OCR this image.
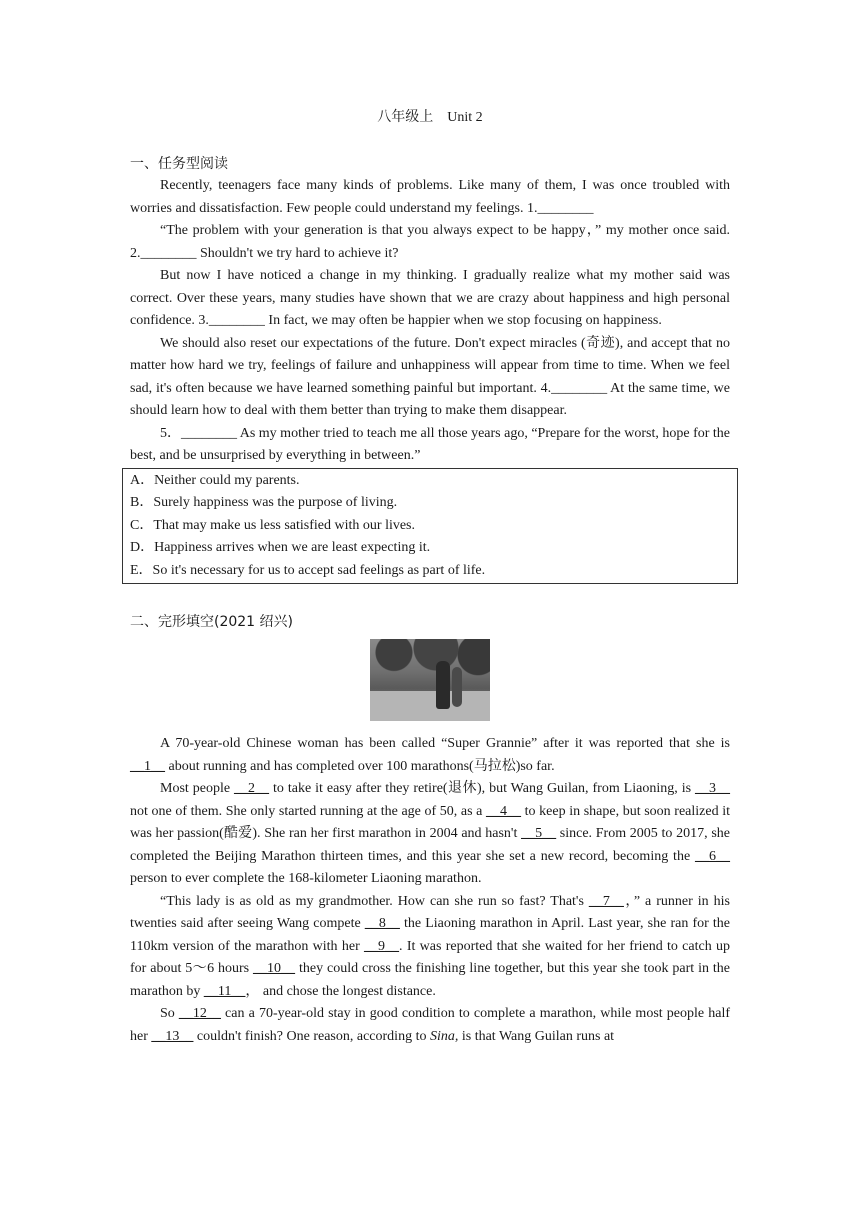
八年级上 Unit 2
一、任务型阅读

Recently, teenagers face many kinds of problems. Like many of them, I was once troubled with worries and dissatisfaction. Few people could understand my feelings. 1.________

“The problem with your generation is that you always expect to be happy，” my mother once said. 2.________ Shouldn't we try hard to achieve it?

But now I have noticed a change in my thinking. I gradually realize what my mother said was correct. Over these years, many studies have shown that we are crazy about happiness and high personal confidence. 3.________ In fact, we may often be happier when we stop focusing on happiness.

We should also reset our expectations of the future. Don't expect miracles (奇迹), and accept that no matter how hard we try, feelings of failure and unhappiness will appear from time to time. When we feel sad, it's often because we have learned something painful but important. 4.________ At the same time, we should learn how to deal with them better than trying to make them disappear.

5．________ As my mother tried to teach me all those years ago, “Prepare for the worst, hope for the best, and be unsurprised by everything in between.”

A．Neither could my parents.
B．Surely happiness was the purpose of living.
C．That may make us less satisfied with our lives.
D．Happiness arrives when we are least expecting it.
E．So it's necessary for us to accept sad feelings as part of life.
二、完形填空(2021 绍兴)

A 70-year-old Chinese woman has been called “Super Grannie” after it was reported that she is __1__ about running and has completed over 100 marathons(马拉松)so far.

Most people __2__ to take it easy after they retire(退休), but Wang Guilan, from Liaoning, is __3__ not one of them. She only started running at the age of 50, as a __4__ to keep in shape, but soon realized it was her passion(酷爱). She ran her first marathon in 2004 and hasn't __5__ since. From 2005 to 2017, she completed the Beijing Marathon thirteen times, and this year she set a new record, becoming the __6__ person to ever complete the 168-kilometer Liaoning marathon.

“This lady is as old as my grandmother. How can she run so fast? That's __7__，” a runner in his twenties said after seeing Wang compete __8__ the Liaoning marathon in April. Last year, she ran for the 110km version of the marathon with her __9__. It was reported that she waited for her friend to catch up for about 5～6 hours __10__ they could cross the finishing line together, but this year she took part in the marathon by __11__， and chose the longest distance.

So __12__ can a 70-year-old stay in good condition to complete a marathon, while most people half her __13__ couldn't finish? One reason, according to Sina, is that Wang Guilan runs at
